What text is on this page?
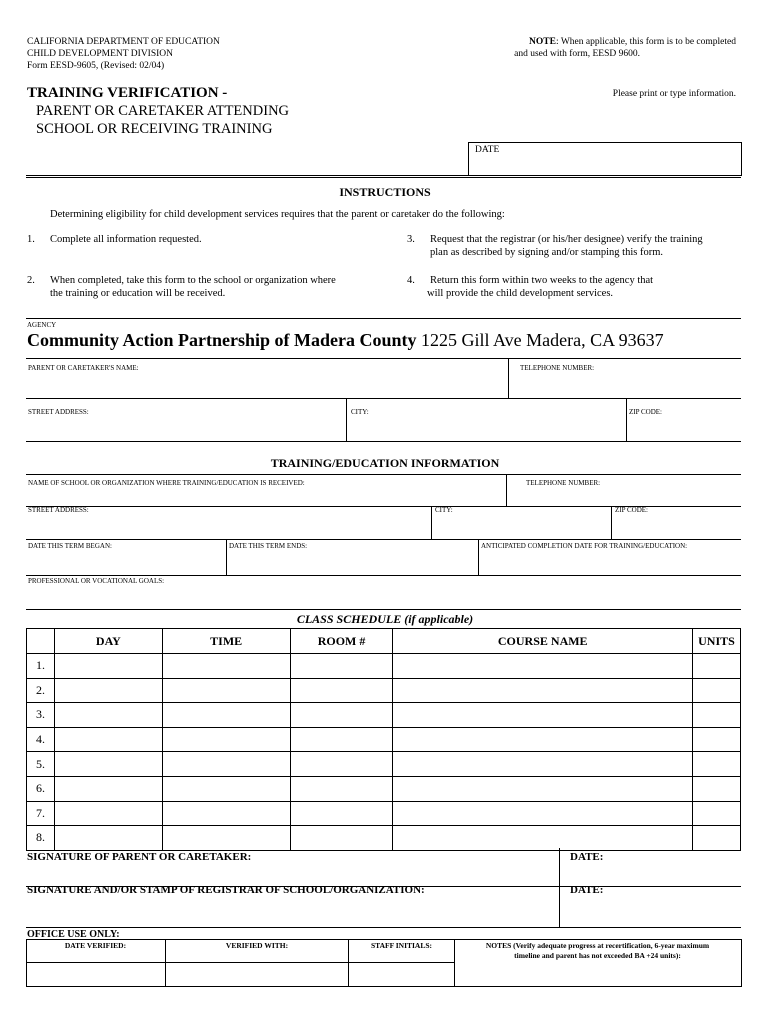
CALIFORNIA DEPARTMENT OF EDUCATION
CHILD DEVELOPMENT DIVISION
Form EESD-9605, (Revised: 02/04)
NOTE: When applicable, this form is to be completed
and used with form, EESD 9600.
TRAINING VERIFICATION -
PARENT OR CARETAKER ATTENDING
SCHOOL OR RECEIVING TRAINING
Please print or type information.
DATE
INSTRUCTIONS
Determining eligibility for child development services requires that the parent or caretaker do the following:
1. Complete all information requested.
2. When completed, take this form to the school or organization where
the training or education will be received.
3. Request that the registrar (or his/her designee) verify the training
plan as described by signing and/or stamping this form.
4. Return this form within two weeks to the agency that
will provide the child development services.
AGENCY
Community Action Partnership of Madera County 1225 Gill Ave Madera, CA 93637
PARENT OR CARETAKER'S NAME:	TELEPHONE NUMBER:
STREET ADDRESS:	CITY:	ZIP CODE:
TRAINING/EDUCATION INFORMATION
NAME OF SCHOOL OR ORGANIZATION WHERE TRAINING/EDUCATION IS RECEIVED:	TELEPHONE NUMBER:
STREET ADDRESS:	CITY:	ZIP CODE:
DATE THIS TERM BEGAN:	DATE THIS TERM ENDS:	ANTICIPATED COMPLETION DATE FOR TRAINING/EDUCATION:
PROFESSIONAL OR VOCATIONAL GOALS:
CLASS SCHEDULE (if applicable)
	DAY	TIME	ROOM #	COURSE NAME	UNITS
1.					
2.					
3.					
4.					
5.					
6.					
7.					
8.					
SIGNATURE OF PARENT OR CARETAKER:	DATE:
SIGNATURE AND/OR STAMP OF REGISTRAR OF SCHOOL/ORGANIZATION:	DATE:
OFFICE USE ONLY:
DATE VERIFIED:	VERIFIED WITH:	STAFF INITIALS:	NOTES (Verify adequate progress at recertification, 6-year maximum
timeline and parent has not exceeded BA +24 units):
